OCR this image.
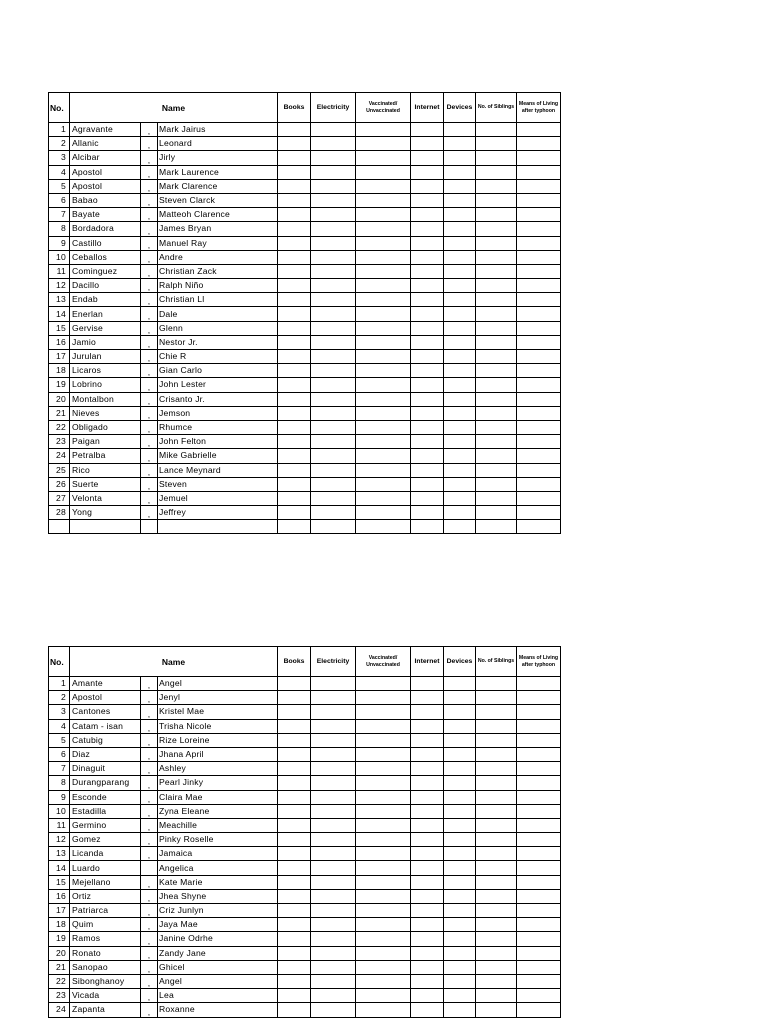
No.	Name			Books	Electricity	Vaccinated/ Unvaccinated	Internet	Devices	No. of Siblings	Means of Living after typhoon
1	Agravante	,	Mark Jairus							
2	Allanic	,	Leonard							
3	Alcibar	,	Jirly							
4	Apostol	,	Mark Laurence							
5	Apostol	,	Mark Clarence							
6	Babao	,	Steven Clarck							
7	Bayate	,	Matteoh Clarence							
8	Bordadora	,	James Bryan							
9	Castillo	,	Manuel Ray							
10	Ceballos	,	Andre							
11	Cominguez	,	Christian Zack							
12	Dacillo	,	Ralph Niño							
13	Endab	,	Christian Ll							
14	Enerlan	,	Dale							
15	Gervise	,	Glenn							
16	Jamio	,	Nestor Jr.							
17	Jurulan	,	Chie R							
18	Licaros	,	Gian Carlo							
19	Lobrino	,	John Lester							
20	Montalbon	,	Crisanto Jr.							
21	Nieves	,	Jemson							
22	Obligado	,	Rhumce							
23	Paigan	,	John Felton							
24	Petralba	,	Mike Gabrielle							
25	Rico	,	Lance Meynard							
26	Suerte	,	Steven							
27	Velonta	,	Jemuel							
28	Yong	,	Jeffrey							

No.	Name			Books	Electricity	Vaccinated/ Unvaccinated	Internet	Devices	No. of Siblings	Means of Living after typhoon
1	Amante	,	Angel							
2	Apostol	,	Jenyl							
3	Cantones	,	Kristel Mae							
4	Catam - isan	,	Trisha Nicole							
5	Catubig	,	Rize Loreine							
6	Diaz	,	Jhana April							
7	Dinaguit	,	Ashley							
8	Durangparang	,	Pearl Jinky							
9	Esconde	,	Claira Mae							
10	Estadilla	,	Zyna Eleane							
11	Germino	,	Meachille							
12	Gomez	,	Pinky Roselle							
13	Licanda	,	Jamaica							
14	Luardo		Angelica							
15	Mejellano	,	Kate Marie							
16	Ortiz	,	Jhea Shyne							
17	Patriarca	,	Criz Junlyn							
18	Quim	,	Jaya Mae							
19	Ramos	,	Janine Odrhe							
20	Ronato	,	Zandy Jane							
21	Sanopao	,	Ghicel							
22	Sibonghanoy	,	Angel							
23	Vicada	,	Lea							
24	Zapanta	,	Roxanne							
